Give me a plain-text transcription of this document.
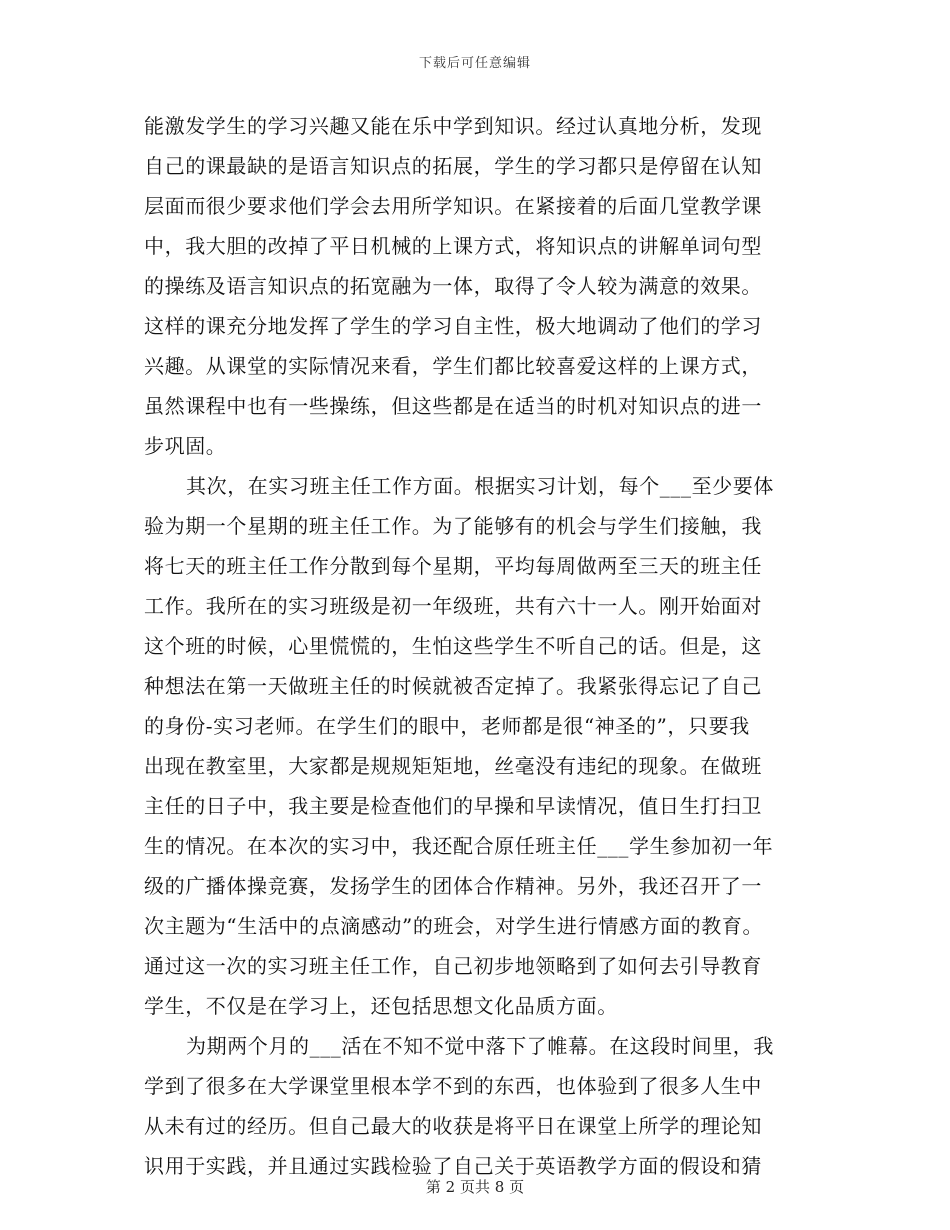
下载后可任意编辑
能激发学生的学习兴趣又能在乐中学到知识。经过认真地分析，发现
自己的课最缺的是语言知识点的拓展，学生的学习都只是停留在认知
层面而很少要求他们学会去用所学知识。在紧接着的后面几堂教学课
中，我大胆的改掉了平日机械的上课方式，将知识点的讲解单词句型
的操练及语言知识点的拓宽融为一体，取得了令人较为满意的效果。
这样的课充分地发挥了学生的学习自主性，极大地调动了他们的学习
兴趣。从课堂的实际情况来看，学生们都比较喜爱这样的上课方式，
虽然课程中也有一些操练，但这些都是在适当的时机对知识点的进一
步巩固。
其次，在实习班主任工作方面。根据实习计划，每个___至少要体
验为期一个星期的班主任工作。为了能够有的机会与学生们接触，我
将七天的班主任工作分散到每个星期，平均每周做两至三天的班主任
工作。我所在的实习班级是初一年级班，共有六十一人。刚开始面对
这个班的时候，心里慌慌的，生怕这些学生不听自己的话。但是，这
种想法在第一天做班主任的时候就被否定掉了。我紧张得忘记了自己
的身份-实习老师。在学生们的眼中，老师都是很“神圣的”，只要我
出现在教室里，大家都是规规矩矩地，丝毫没有违纪的现象。在做班
主任的日子中，我主要是检查他们的早操和早读情况，值日生打扫卫
生的情况。在本次的实习中，我还配合原任班主任___学生参加初一年
级的广播体操竞赛，发扬学生的团体合作精神。另外，我还召开了一
次主题为“生活中的点滴感动”的班会，对学生进行情感方面的教育。
通过这一次的实习班主任工作，自己初步地领略到了如何去引导教育
学生，不仅是在学习上，还包括思想文化品质方面。
为期两个月的___活在不知不觉中落下了帷幕。在这段时间里，我
学到了很多在大学课堂里根本学不到的东西，也体验到了很多人生中
从未有过的经历。但自己最大的收获是将平日在课堂上所学的理论知
识用于实践，并且通过实践检验了自己关于英语教学方面的假设和猜
第 2 页共 8 页
